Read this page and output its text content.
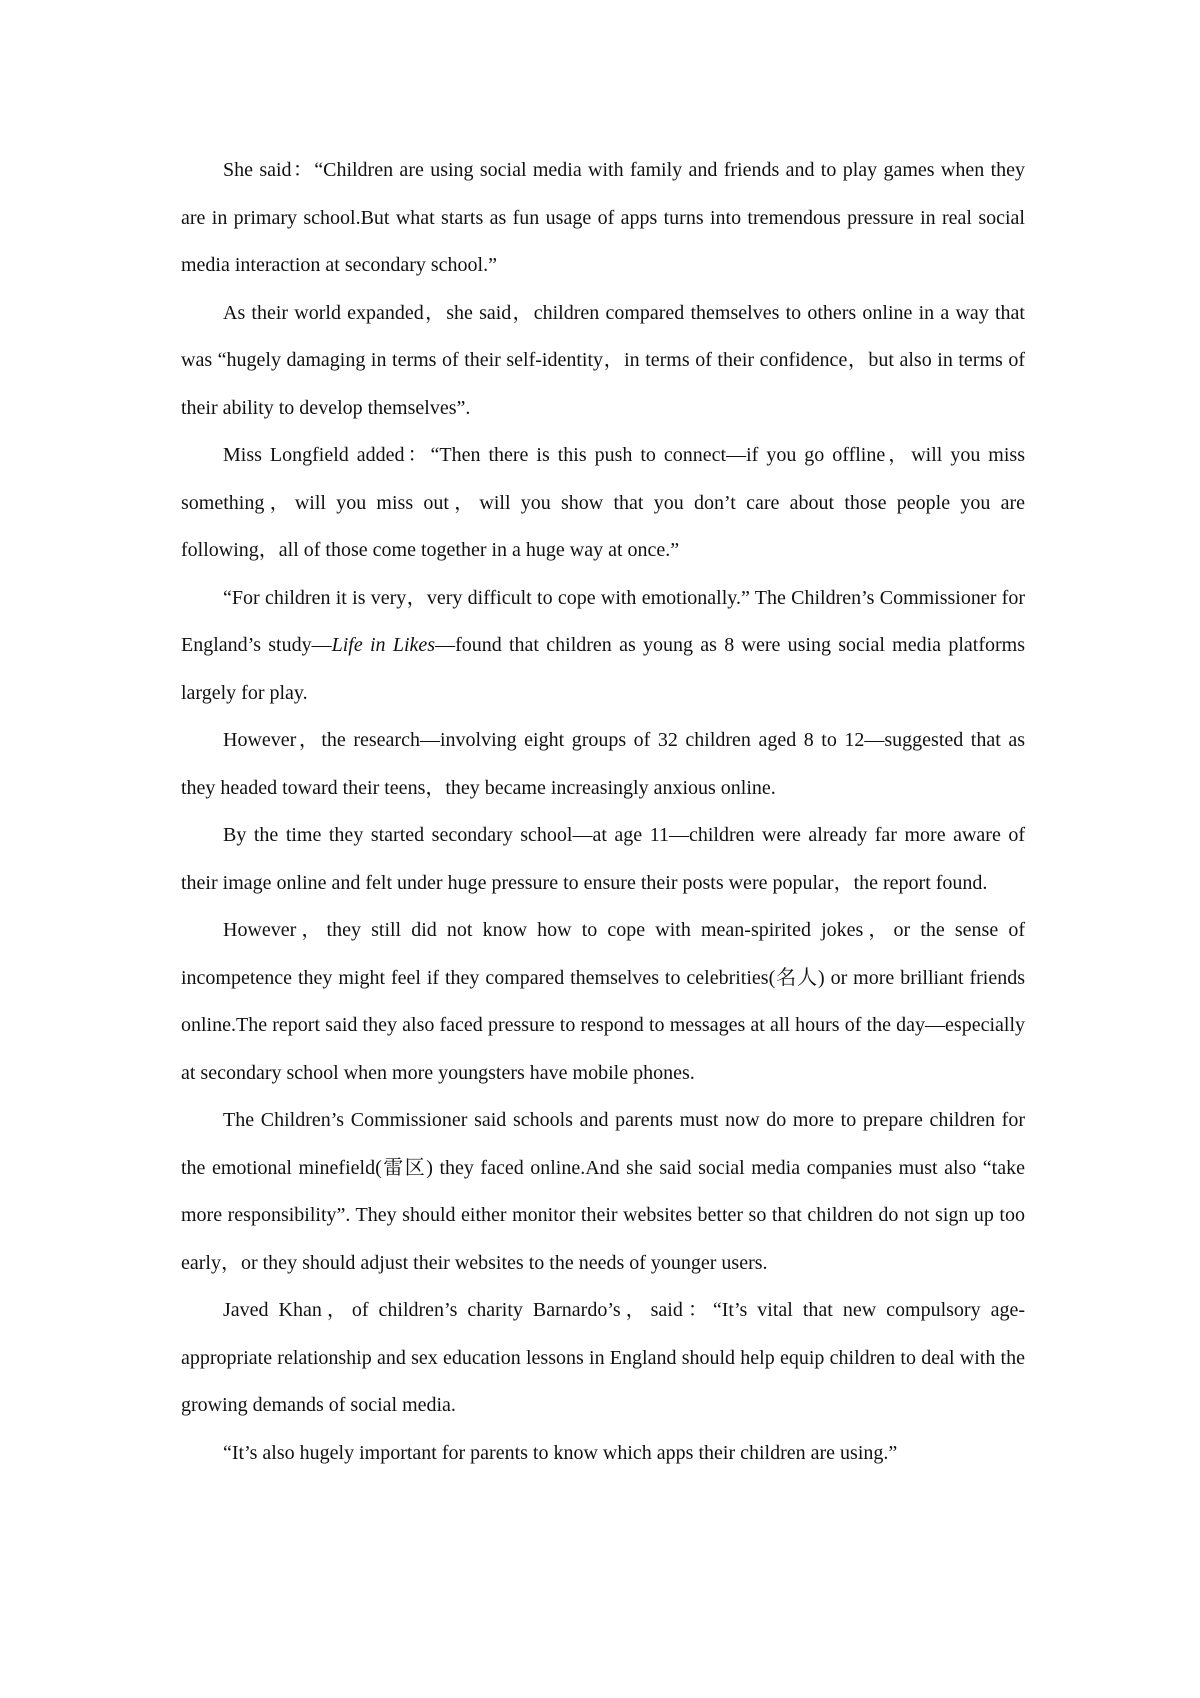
She said：“Children are using social media with family and friends and to play games when they are in primary school.But what starts as fun usage of apps turns into tremendous pressure in real social media interaction at secondary school.”

As their world expanded，she said，children compared themselves to others online in a way that was “hugely damaging in terms of their self-identity，in terms of their confidence，but also in terms of their ability to develop themselves”.

Miss Longfield added：“Then there is this push to connect—if you go offline，will you miss something，will you miss out，will you show that you don’t care about those people you are following，all of those come together in a huge way at once.”

“For children it is very，very difficult to cope with emotionally.” The Children’s Commissioner for England’s study—Life in Likes—found that children as young as 8 were using social media platforms largely for play.

However，the research—involving eight groups of 32 children aged 8 to 12—suggested that as they headed toward their teens，they became increasingly anxious online.

By the time they started secondary school—at age 11—children were already far more aware of their image online and felt under huge pressure to ensure their posts were popular，the report found.

However，they still did not know how to cope with mean-spirited jokes，or the sense of incompetence they might feel if they compared themselves to celebrities(名人) or more brilliant friends online.The report said they also faced pressure to respond to messages at all hours of the day—especially at secondary school when more youngsters have mobile phones.

The Children’s Commissioner said schools and parents must now do more to prepare children for the emotional minefield(雷区) they faced online.And she said social media companies must also “take more responsibility”. They should either monitor their websites better so that children do not sign up too early，or they should adjust their websites to the needs of younger users.

Javed Khan，of children’s charity Barnardo’s，said：“It’s vital that new compulsory age-appropriate relationship and sex education lessons in England should help equip children to deal with the growing demands of social media.

“It’s also hugely important for parents to know which apps their children are using.”
